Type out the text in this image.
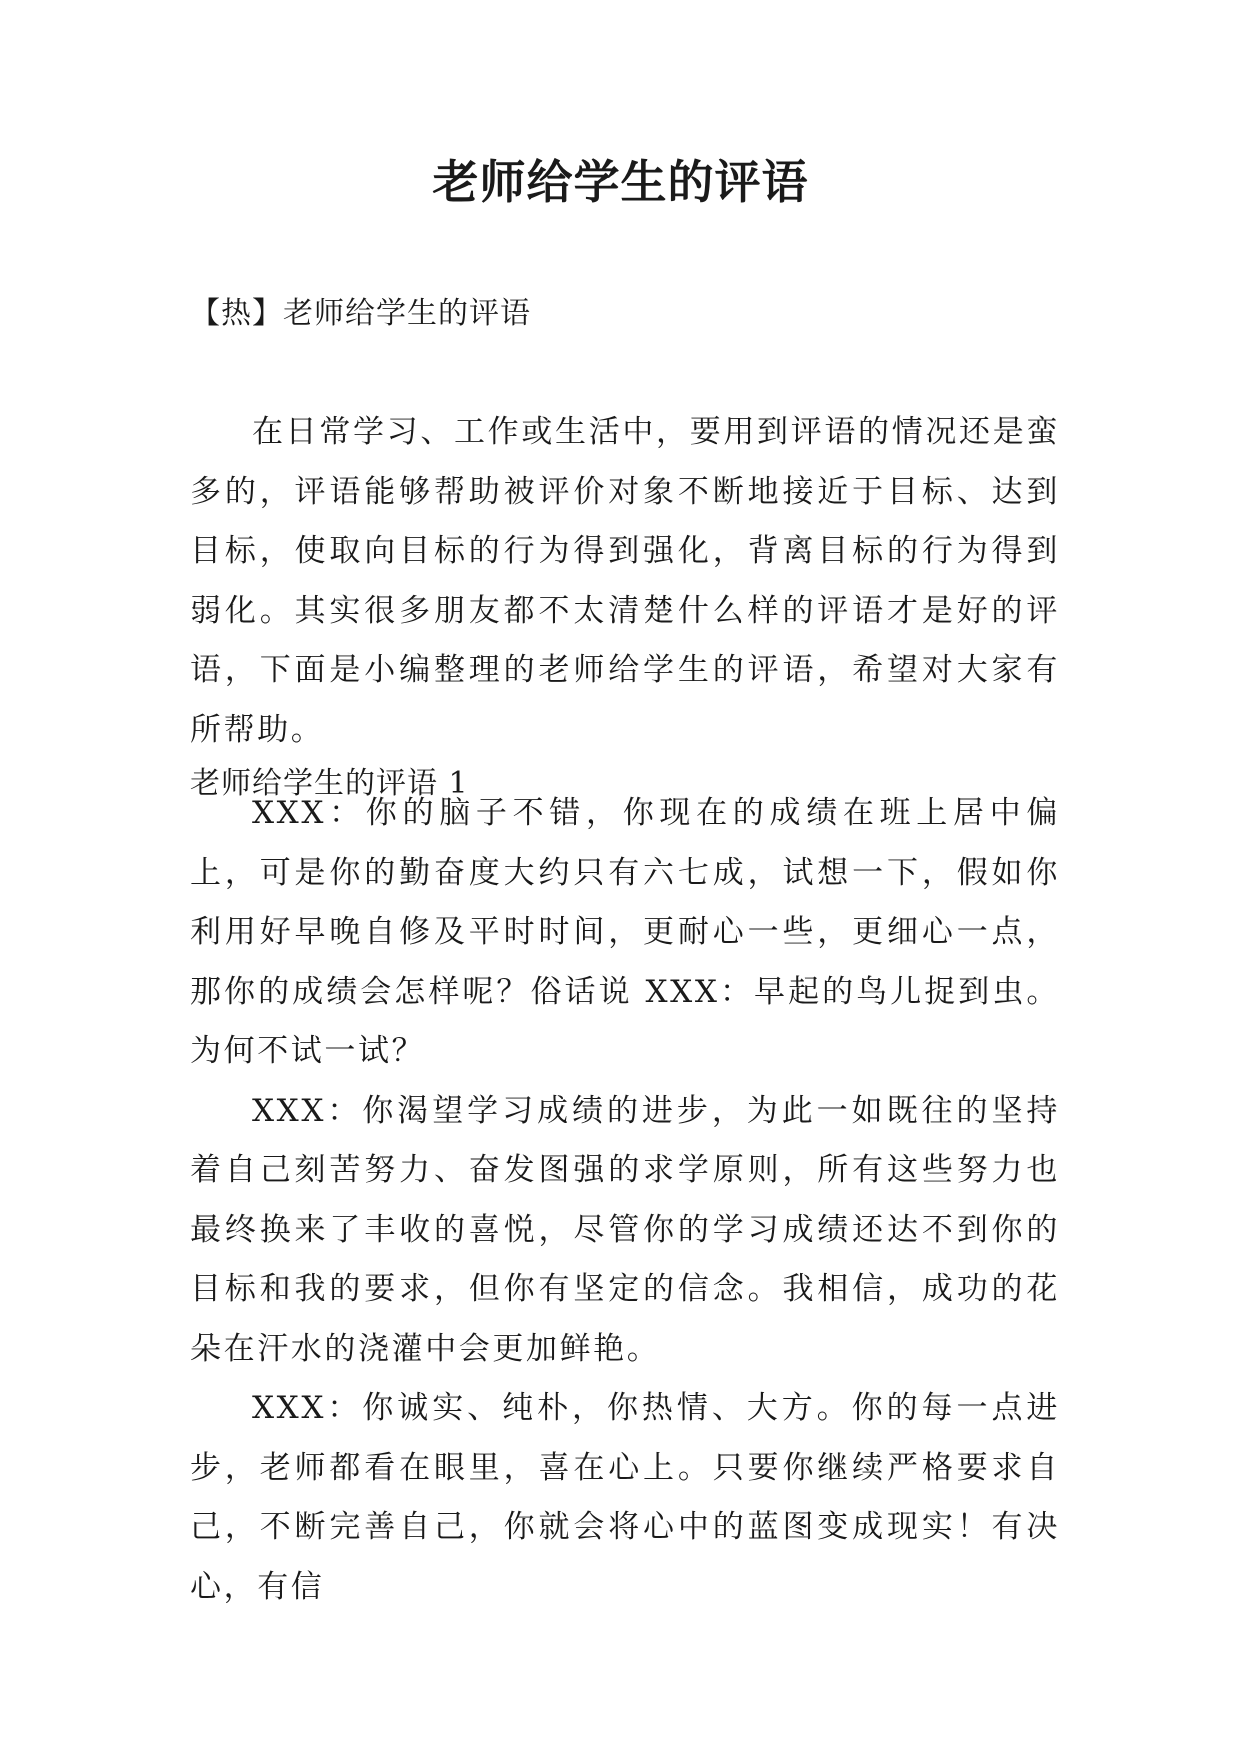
老师给学生的评语
【热】老师给学生的评语

在日常学习、工作或生活中，要用到评语的情况还是蛮多的，评语能够帮助被评价对象不断地接近于目标、达到目标，使取向目标的行为得到强化，背离目标的行为得到弱化。其实很多朋友都不太清楚什么样的评语才是好的评语，下面是小编整理的老师给学生的评语，希望对大家有所帮助。

老师给学生的评语 1

XXX：你的脑子不错，你现在的成绩在班上居中偏上，可是你的勤奋度大约只有六七成，试想一下，假如你利用好早晚自修及平时时间，更耐心一些，更细心一点，那你的成绩会怎样呢？俗话说 XXX：早起的鸟儿捉到虫。为何不试一试？

XXX：你渴望学习成绩的进步，为此一如既往的坚持着自己刻苦努力、奋发图强的求学原则，所有这些努力也最终换来了丰收的喜悦，尽管你的学习成绩还达不到你的目标和我的要求，但你有坚定的信念。我相信，成功的花朵在汗水的浇灌中会更加鲜艳。

XXX：你诚实、纯朴，你热情、大方。你的每一点进步，老师都看在眼里，喜在心上。只要你继续严格要求自己，不断完善自己，你就会将心中的蓝图变成现实！有决心，有信
